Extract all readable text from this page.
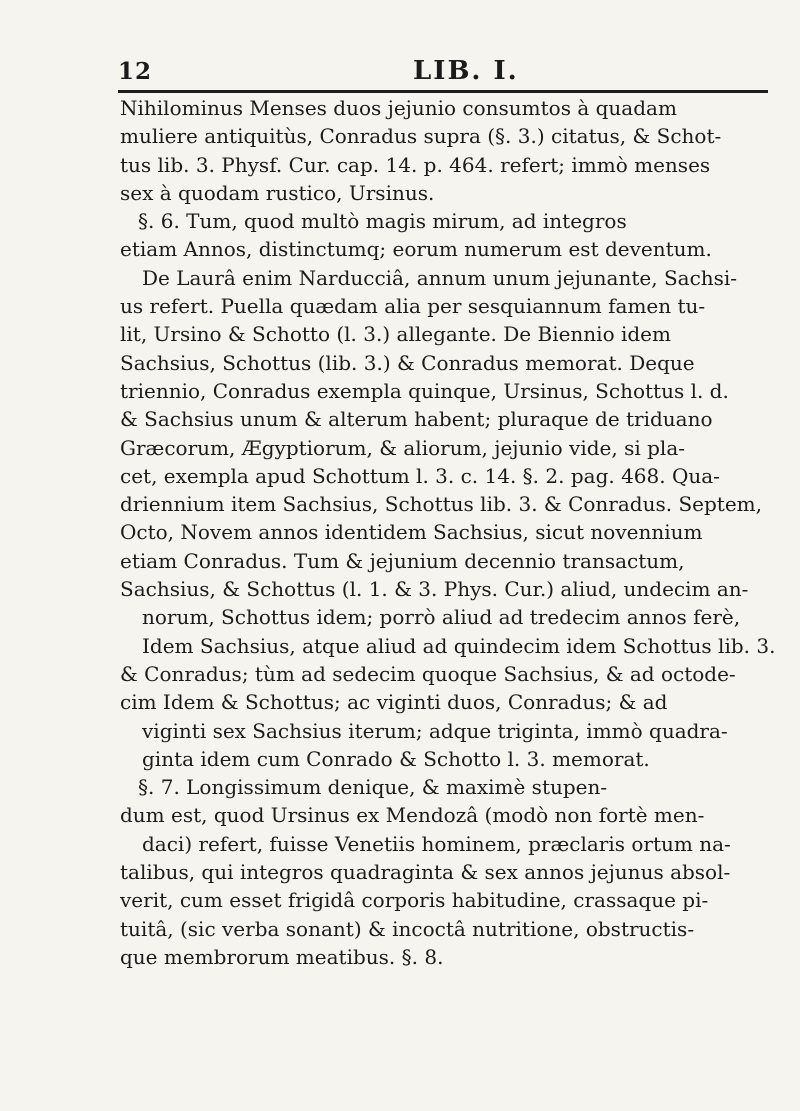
12	LIB. I.
Nihilominus Menses duos jejunio consumtos à quadam
muliere antiquitùs, Conradus supra (§. 3.) citatus, & Schot-
tus lib. 3. Physf. Cur. cap. 14. p. 464. refert; immò menses
sex à quodam rustico, Ursinus.
§. 6. Tum, quod multò magis mirum, ad integros
etiam Annos, distinctumq; eorum numerum est deventum.
De Laurâ enim Narducciâ, annum unum jejunante, Sachsi-
us refert. Puella quædam alia per sesquiannum famen tu-
lit, Ursino & Schotto (l. 3.) allegante. De Biennio idem
Sachsius, Schottus (lib. 3.) & Conradus memorat. Deque
triennio, Conradus exempla quinque, Ursinus, Schottus l. d.
& Sachsius unum & alterum habent; pluraque de triduano
Græcorum, Ægyptiorum, & aliorum, jejunio vide, si pla-
cet, exempla apud Schottum l. 3. c. 14. §. 2. pag. 468. Qua-
driennium item Sachsius, Schottus lib. 3. & Conradus. Septem,
Octo, Novem annos identidem Sachsius, sicut novennium
etiam Conradus. Tum & jejunium decennio transactum,
Sachsius, & Schottus (l. 1. & 3. Phys. Cur.) aliud, undecim an-
norum, Schottus idem; porrò aliud ad tredecim annos ferè,
Idem Sachsius, atque aliud ad quindecim idem Schottus lib. 3.
& Conradus; tùm ad sedecim quoque Sachsius, & ad octode-
cim Idem & Schottus; ac viginti duos, Conradus; & ad
viginti sex Sachsius iterum; adque triginta, immò quadra-
ginta idem cum Conrado & Schotto l. 3. memorat.
§. 7. Longissimum denique, & maximè stupen-
dum est, quod Ursinus ex Mendozâ (modò non fortè men-
daci) refert, fuisse Venetiis hominem, præclaris ortum na-
talibus, qui integros quadraginta & sex annos jejunus absol-
verit, cum esset frigidâ corporis habitudine, crassaque pi-
tuitâ, (sic verba sonant) & incoctâ nutritione, obstructis-
que membrorum meatibus. §. 8.
